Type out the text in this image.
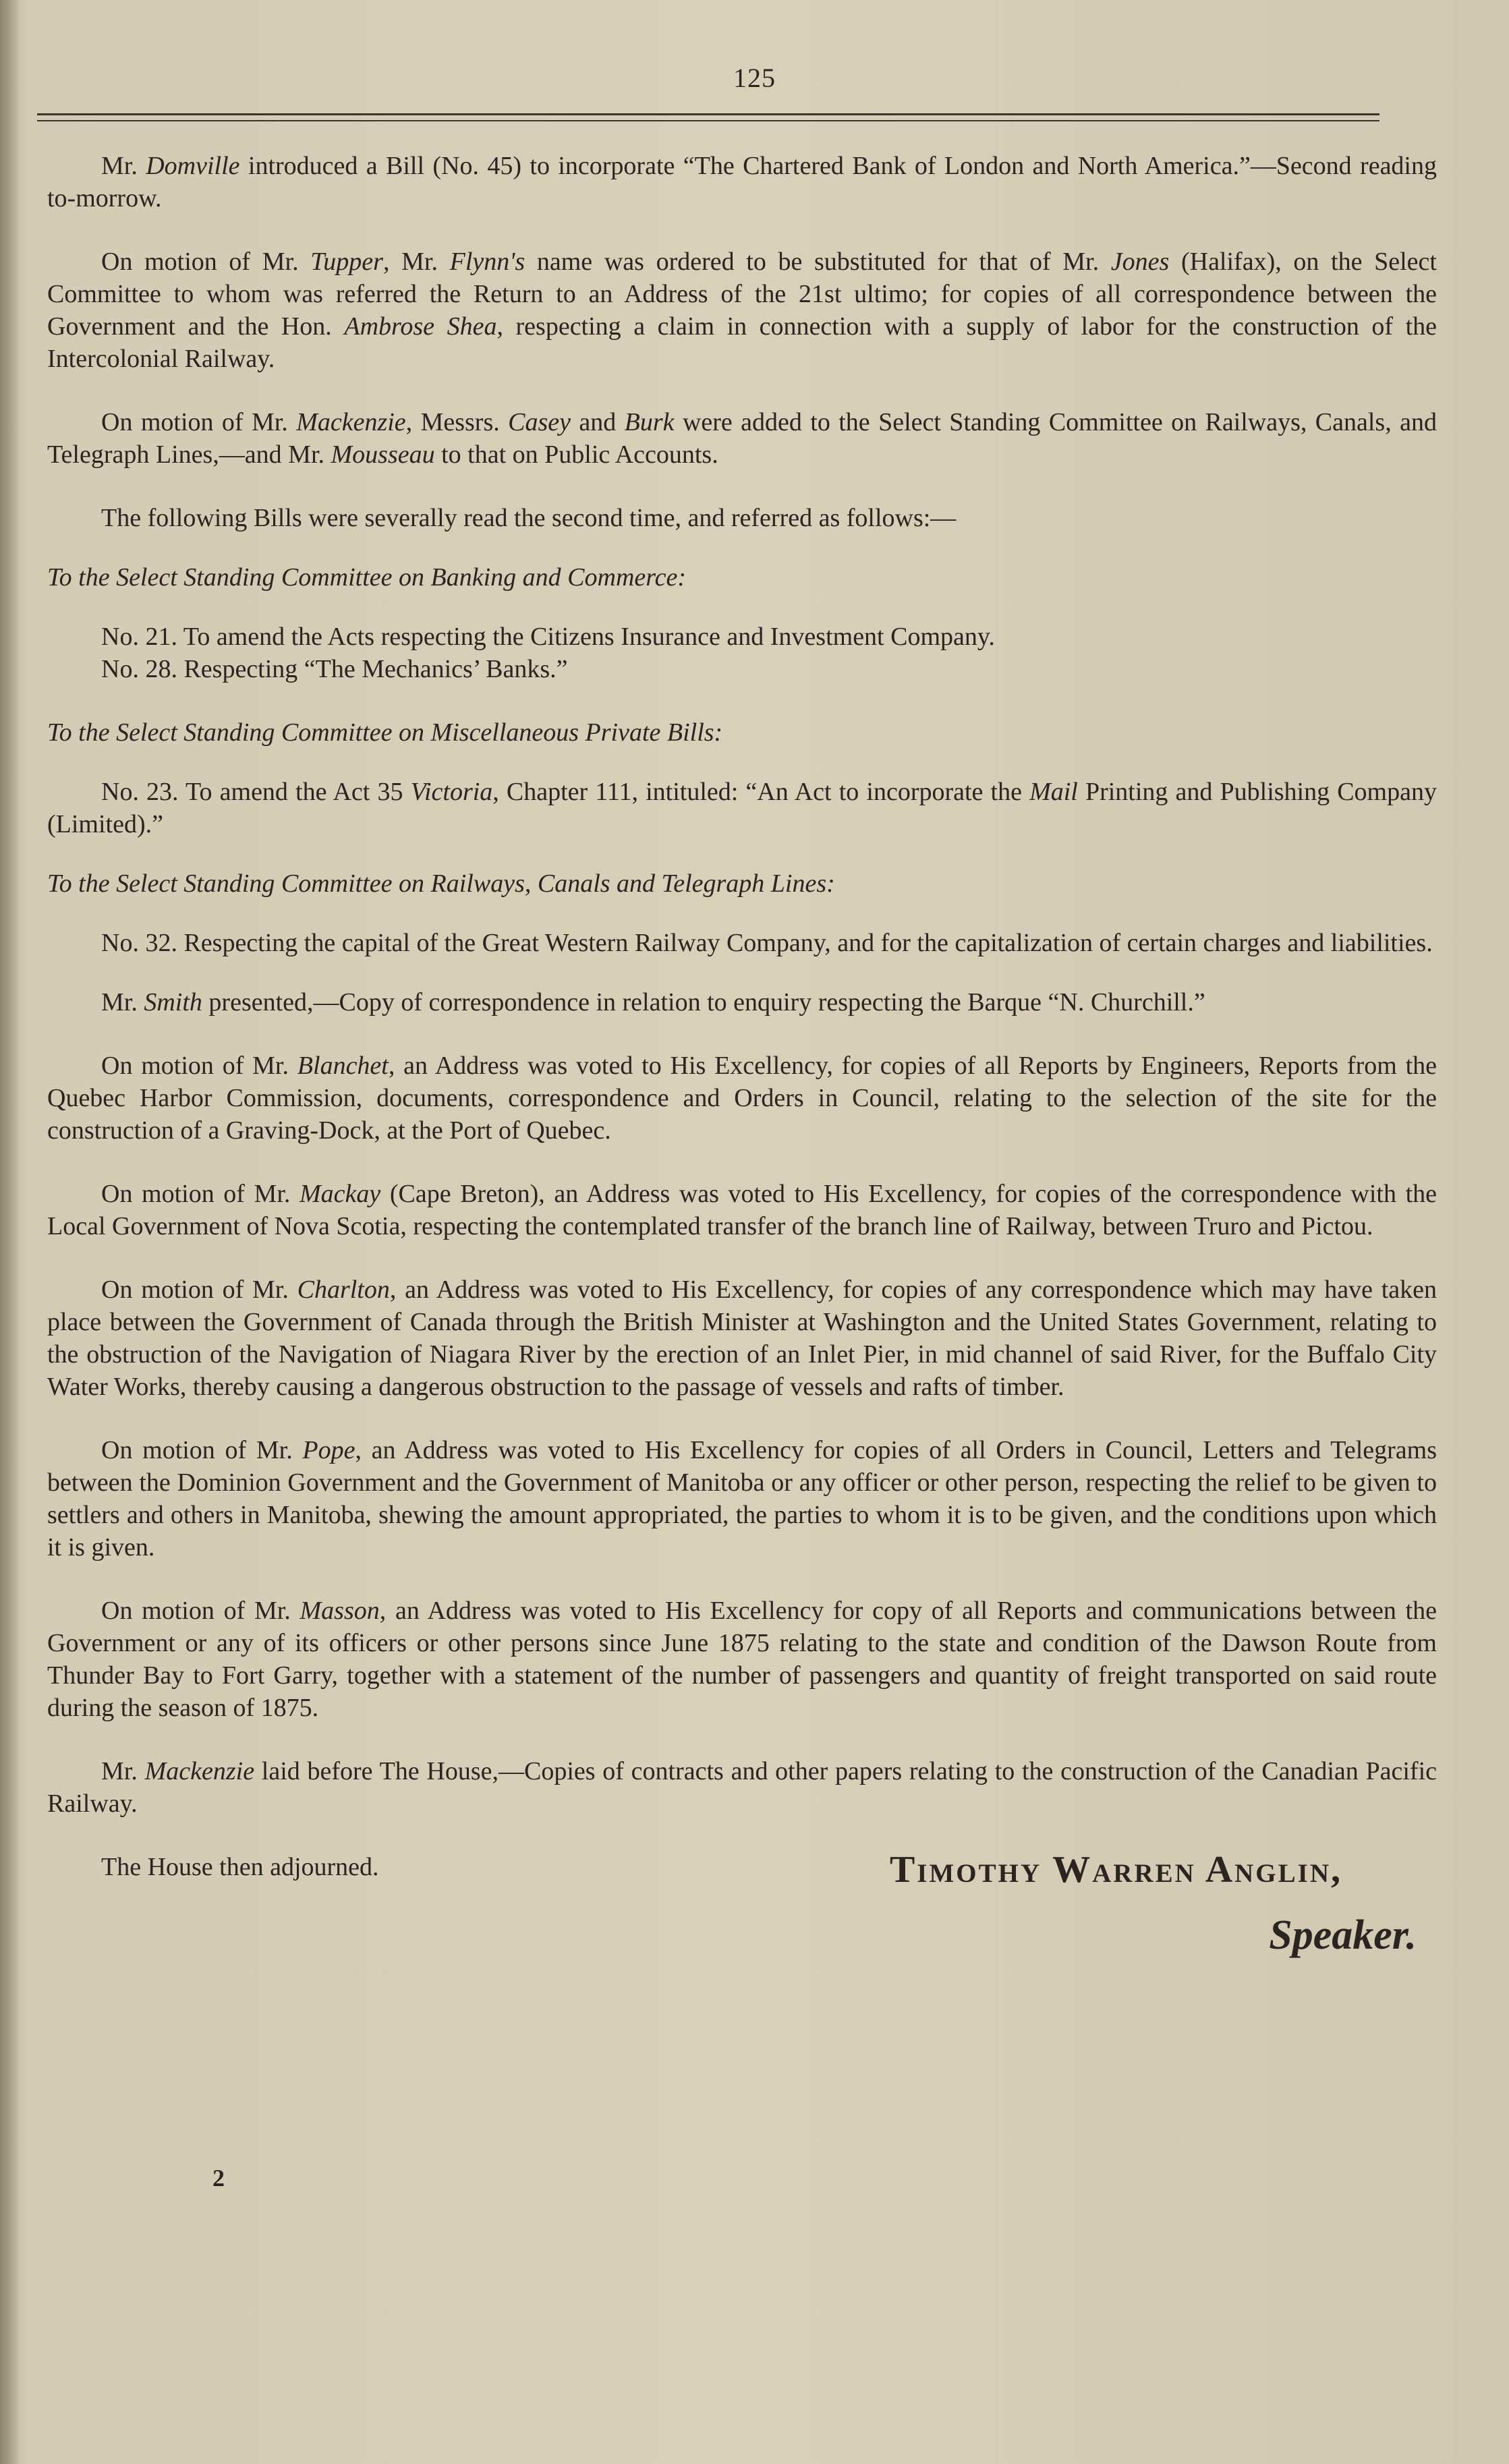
125

Mr. Domville introduced a Bill (No. 45) to incorporate “The Chartered Bank of London and North America.”—Second reading to-morrow.

On motion of Mr. Tupper, Mr. Flynn's name was ordered to be substituted for that of Mr. Jones (Halifax), on the Select Committee to whom was referred the Return to an Address of the 21st ultimo; for copies of all correspondence between the Government and the Hon. Ambrose Shea, respecting a claim in connection with a supply of labor for the construction of the Intercolonial Railway.

On motion of Mr. Mackenzie, Messrs. Casey and Burk were added to the Select Standing Committee on Railways, Canals, and Telegraph Lines,—and Mr. Mousseau to that on Public Accounts.

The following Bills were severally read the second time, and referred as follows:—

To the Select Standing Committee on Banking and Commerce:

No. 21. To amend the Acts respecting the Citizens Insurance and Investment Company.

No. 28. Respecting “The Mechanics’ Banks.”

To the Select Standing Committee on Miscellaneous Private Bills:

No. 23. To amend the Act 35 Victoria, Chapter 111, intituled: “An Act to incorporate the Mail Printing and Publishing Company (Limited).”

To the Select Standing Committee on Railways, Canals and Telegraph Lines:

No. 32. Respecting the capital of the Great Western Railway Company, and for the capitalization of certain charges and liabilities.

Mr. Smith presented,—Copy of correspondence in relation to enquiry respecting the Barque “N. Churchill.”

On motion of Mr. Blanchet, an Address was voted to His Excellency, for copies of all Reports by Engineers, Reports from the Quebec Harbor Commission, documents, correspondence and Orders in Council, relating to the selection of the site for the construction of a Graving-Dock, at the Port of Quebec.

On motion of Mr. Mackay (Cape Breton), an Address was voted to His Excellency, for copies of the correspondence with the Local Government of Nova Scotia, respecting the contemplated transfer of the branch line of Railway, between Truro and Pictou.

On motion of Mr. Charlton, an Address was voted to His Excellency, for copies of any correspondence which may have taken place between the Government of Canada through the British Minister at Washington and the United States Government, relating to the obstruction of the Navigation of Niagara River by the erection of an Inlet Pier, in mid channel of said River, for the Buffalo City Water Works, thereby causing a dangerous obstruction to the passage of vessels and rafts of timber.

On motion of Mr. Pope, an Address was voted to His Excellency for copies of all Orders in Council, Letters and Telegrams between the Dominion Government and the Government of Manitoba or any officer or other person, respecting the relief to be given to settlers and others in Manitoba, shewing the amount appropriated, the parties to whom it is to be given, and the conditions upon which it is given.

On motion of Mr. Masson, an Address was voted to His Excellency for copy of all Reports and communications between the Government or any of its officers or other persons since June 1875 relating to the state and condition of the Dawson Route from Thunder Bay to Fort Garry, together with a statement of the number of passengers and quantity of freight transported on said route during the season of 1875.

Mr. Mackenzie laid before The House,—Copies of contracts and other papers relating to the construction of the Canadian Pacific Railway.

The House then adjourned.	Timothy Warren Anglin,
Speaker.
2
